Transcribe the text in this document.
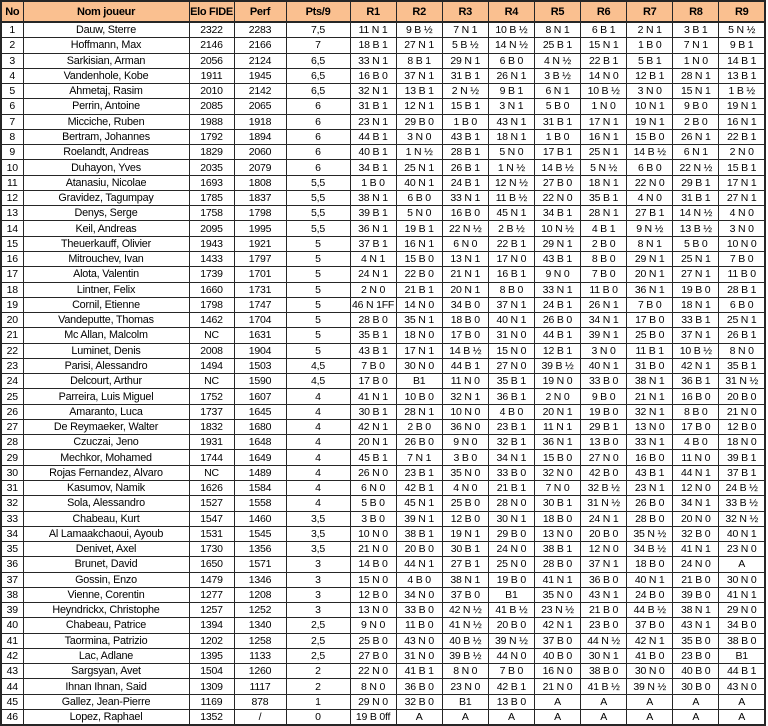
No	Nom joueur	Elo FIDE	Perf	Pts/9	R1	R2	R3	R4	R5	R6	R7	R8	R9
1	Dauw, Sterre	2322	2283	7,5	11 N 1	9 B ½	7 N 1	10 B ½	8 N 1	6 B 1	2 N 1	3 B 1	5 N ½
2	Hoffmann, Max	2146	2166	7	18 B 1	27 N 1	5 B ½	14 N ½	25 B 1	15 N 1	1 B 0	7 N 1	9 B 1
3	Sarkisian, Arman	2056	2124	6,5	33 N 1	8 B 1	29 N 1	6 B 0	4 N ½	22 B 1	5 B 1	1 N 0	14 B 1
4	Vandenhole, Kobe	1911	1945	6,5	16 B 0	37 N 1	31 B 1	26 N 1	3 B ½	14 N 0	12 B 1	28 N 1	13 B 1
5	Ahmetaj, Rasim	2010	2142	6,5	32 N 1	13 B 1	2 N ½	9 B 1	6 N 1	10 B ½	3 N 0	15 N 1	1 B ½
6	Perrin, Antoine	2085	2065	6	31 B 1	12 N 1	15 B 1	3 N 1	5 B 0	1 N 0	10 N 1	9 B 0	19 N 1
7	Micciche, Ruben	1988	1918	6	23 N 1	29 B 0	1 B 0	43 N 1	31 B 1	17 N 1	19 N 1	2 B 0	16 N 1
8	Bertram, Johannes	1792	1894	6	44 B 1	3 N 0	43 B 1	18 N 1	1 B 0	16 N 1	15 B 0	26 N 1	22 B 1
9	Roelandt, Andreas	1829	2060	6	40 B 1	1 N ½	28 B 1	5 N 0	17 B 1	25 N 1	14 B ½	6 N 1	2 N 0
10	Duhayon, Yves	2035	2079	6	34 B 1	25 N 1	26 B 1	1 N ½	14 B ½	5 N ½	6 B 0	22 N ½	15 B 1
11	Atanasiu, Nicolae	1693	1808	5,5	1 B 0	40 N 1	24 B 1	12 N ½	27 B 0	18 N 1	22 N 0	29 B 1	17 N 1
12	Gravidez, Tagumpay	1785	1837	5,5	38 N 1	6 B 0	33 N 1	11 B ½	22 N 0	35 B 1	4 N 0	31 B 1	27 N 1
13	Denys, Serge	1758	1798	5,5	39 B 1	5 N 0	16 B 0	45 N 1	34 B 1	28 N 1	27 B 1	14 N ½	4 N 0
14	Keil, Andreas	2095	1995	5,5	36 N 1	19 B 1	22 N ½	2 B ½	10 N ½	4 B 1	9 N ½	13 B ½	3 N 0
15	Theuerkauff, Olivier	1943	1921	5	37 B 1	16 N 1	6 N 0	22 B 1	29 N 1	2 B 0	8 N 1	5 B 0	10 N 0
16	Mitrouchev, Ivan	1433	1797	5	4 N 1	15 B 0	13 N 1	17 N 0	43 B 1	8 B 0	29 N 1	25 N 1	7 B 0
17	Alota, Valentin	1739	1701	5	24 N 1	22 B 0	21 N 1	16 B 1	9 N 0	7 B 0	20 N 1	27 N 1	11 B 0
18	Lintner, Felix	1660	1731	5	2 N 0	21 B 1	20 N 1	8 B 0	33 N 1	11 B 0	36 N 1	19 B 0	28 B 1
19	Cornil, Etienne	1798	1747	5	46 N 1FF	14 N 0	34 B 0	37 N 1	24 B 1	26 N 1	7 B 0	18 N 1	6 B 0
20	Vandeputte, Thomas	1462	1704	5	28 B 0	35 N 1	18 B 0	40 N 1	26 B 0	34 N 1	17 B 0	33 B 1	25 N 1
21	Mc Allan, Malcolm	NC	1631	5	35 B 1	18 N 0	17 B 0	31 N 0	44 B 1	39 N 1	25 B 0	37 N 1	26 B 1
22	Luminet, Denis	2008	1904	5	43 B 1	17 N 1	14 B ½	15 N 0	12 B 1	3 N 0	11 B 1	10 B ½	8 N 0
23	Parisi, Alessandro	1494	1503	4,5	7 B 0	30 N 0	44 B 1	27 N 0	39 B ½	40 N 1	31 B 0	42 N 1	35 B 1
24	Delcourt, Arthur	NC	1590	4,5	17 B 0	B1	11 N 0	35 B 1	19 N 0	33 B 0	38 N 1	36 B 1	31 N ½
25	Parreira, Luis Miguel	1752	1607	4	41 N 1	10 B 0	32 N 1	36 B 1	2 N 0	9 B 0	21 N 1	16 B 0	20 B 0
26	Amaranto, Luca	1737	1645	4	30 B 1	28 N 1	10 N 0	4 B 0	20 N 1	19 B 0	32 N 1	8 B 0	21 N 0
27	De Reymaeker, Walter	1832	1680	4	42 N 1	2 B 0	36 N 0	23 B 1	11 N 1	29 B 1	13 N 0	17 B 0	12 B 0
28	Czuczai, Jeno	1931	1648	4	20 N 1	26 B 0	9 N 0	32 B 1	36 N 1	13 B 0	33 N 1	4 B 0	18 N 0
29	Mechkor, Mohamed	1744	1649	4	45 B 1	7 N 1	3 B 0	34 N 1	15 B 0	27 N 0	16 B 0	11 N 0	39 B 1
30	Rojas Fernandez, Alvaro	NC	1489	4	26 N 0	23 B 1	35 N 0	33 B 0	32 N 0	42 B 0	43 B 1	44 N 1	37 B 1
31	Kasumov, Namik	1626	1584	4	6 N 0	42 B 1	4 N 0	21 B 1	7 N 0	32 B ½	23 N 1	12 N 0	24 B ½
32	Sola, Alessandro	1527	1558	4	5 B 0	45 N 1	25 B 0	28 N 0	30 B 1	31 N ½	26 B 0	34 N 1	33 B ½
33	Chabeau, Kurt	1547	1460	3,5	3 B 0	39 N 1	12 B 0	30 N 1	18 B 0	24 N 1	28 B 0	20 N 0	32 N ½
34	Al Lamaakchaoui, Ayoub	1531	1545	3,5	10 N 0	38 B 1	19 N 1	29 B 0	13 N 0	20 B 0	35 N ½	32 B 0	40 N 1
35	Denivet, Axel	1730	1356	3,5	21 N 0	20 B 0	30 B 1	24 N 0	38 B 1	12 N 0	34 B ½	41 N 1	23 N 0
36	Brunet, David	1650	1571	3	14 B 0	44 N 1	27 B 1	25 N 0	28 B 0	37 N 1	18 B 0	24 N 0	A
37	Gossin, Enzo	1479	1346	3	15 N 0	4 B 0	38 N 1	19 B 0	41 N 1	36 B 0	40 N 1	21 B 0	30 N 0
38	Vienne, Corentin	1277	1208	3	12 B 0	34 N 0	37 B 0	B1	35 N 0	43 N 1	24 B 0	39 B 0	41 N 1
39	Heyndrickx, Christophe	1257	1252	3	13 N 0	33 B 0	42 N ½	41 B ½	23 N ½	21 B 0	44 B ½	38 N 1	29 N 0
40	Chabeau, Patrice	1394	1340	2,5	9 N 0	11 B 0	41 N ½	20 B 0	42 N 1	23 B 0	37 B 0	43 N 1	34 B 0
41	Taormina, Patrizio	1202	1258	2,5	25 B 0	43 N 0	40 B ½	39 N ½	37 B 0	44 N ½	42 N 1	35 B 0	38 B 0
42	Lac, Adlane	1395	1133	2,5	27 B 0	31 N 0	39 B ½	44 N 0	40 B 0	30 N 1	41 B 0	23 B 0	B1
43	Sargsyan, Avet	1504	1260	2	22 N 0	41 B 1	8 N 0	7 B 0	16 N 0	38 B 0	30 N 0	40 B 0	44 B 1
44	Ihnan Ihnan, Said	1309	1117	2	8 N 0	36 B 0	23 N 0	42 B 1	21 N 0	41 B ½	39 N ½	30 B 0	43 N 0
45	Gallez, Jean-Pierre	1169	878	1	29 N 0	32 B 0	B1	13 B 0	A	A	A	A	A
46	Lopez, Raphael	1352	/	0	19 B 0ff	A	A	A	A	A	A	A	A
